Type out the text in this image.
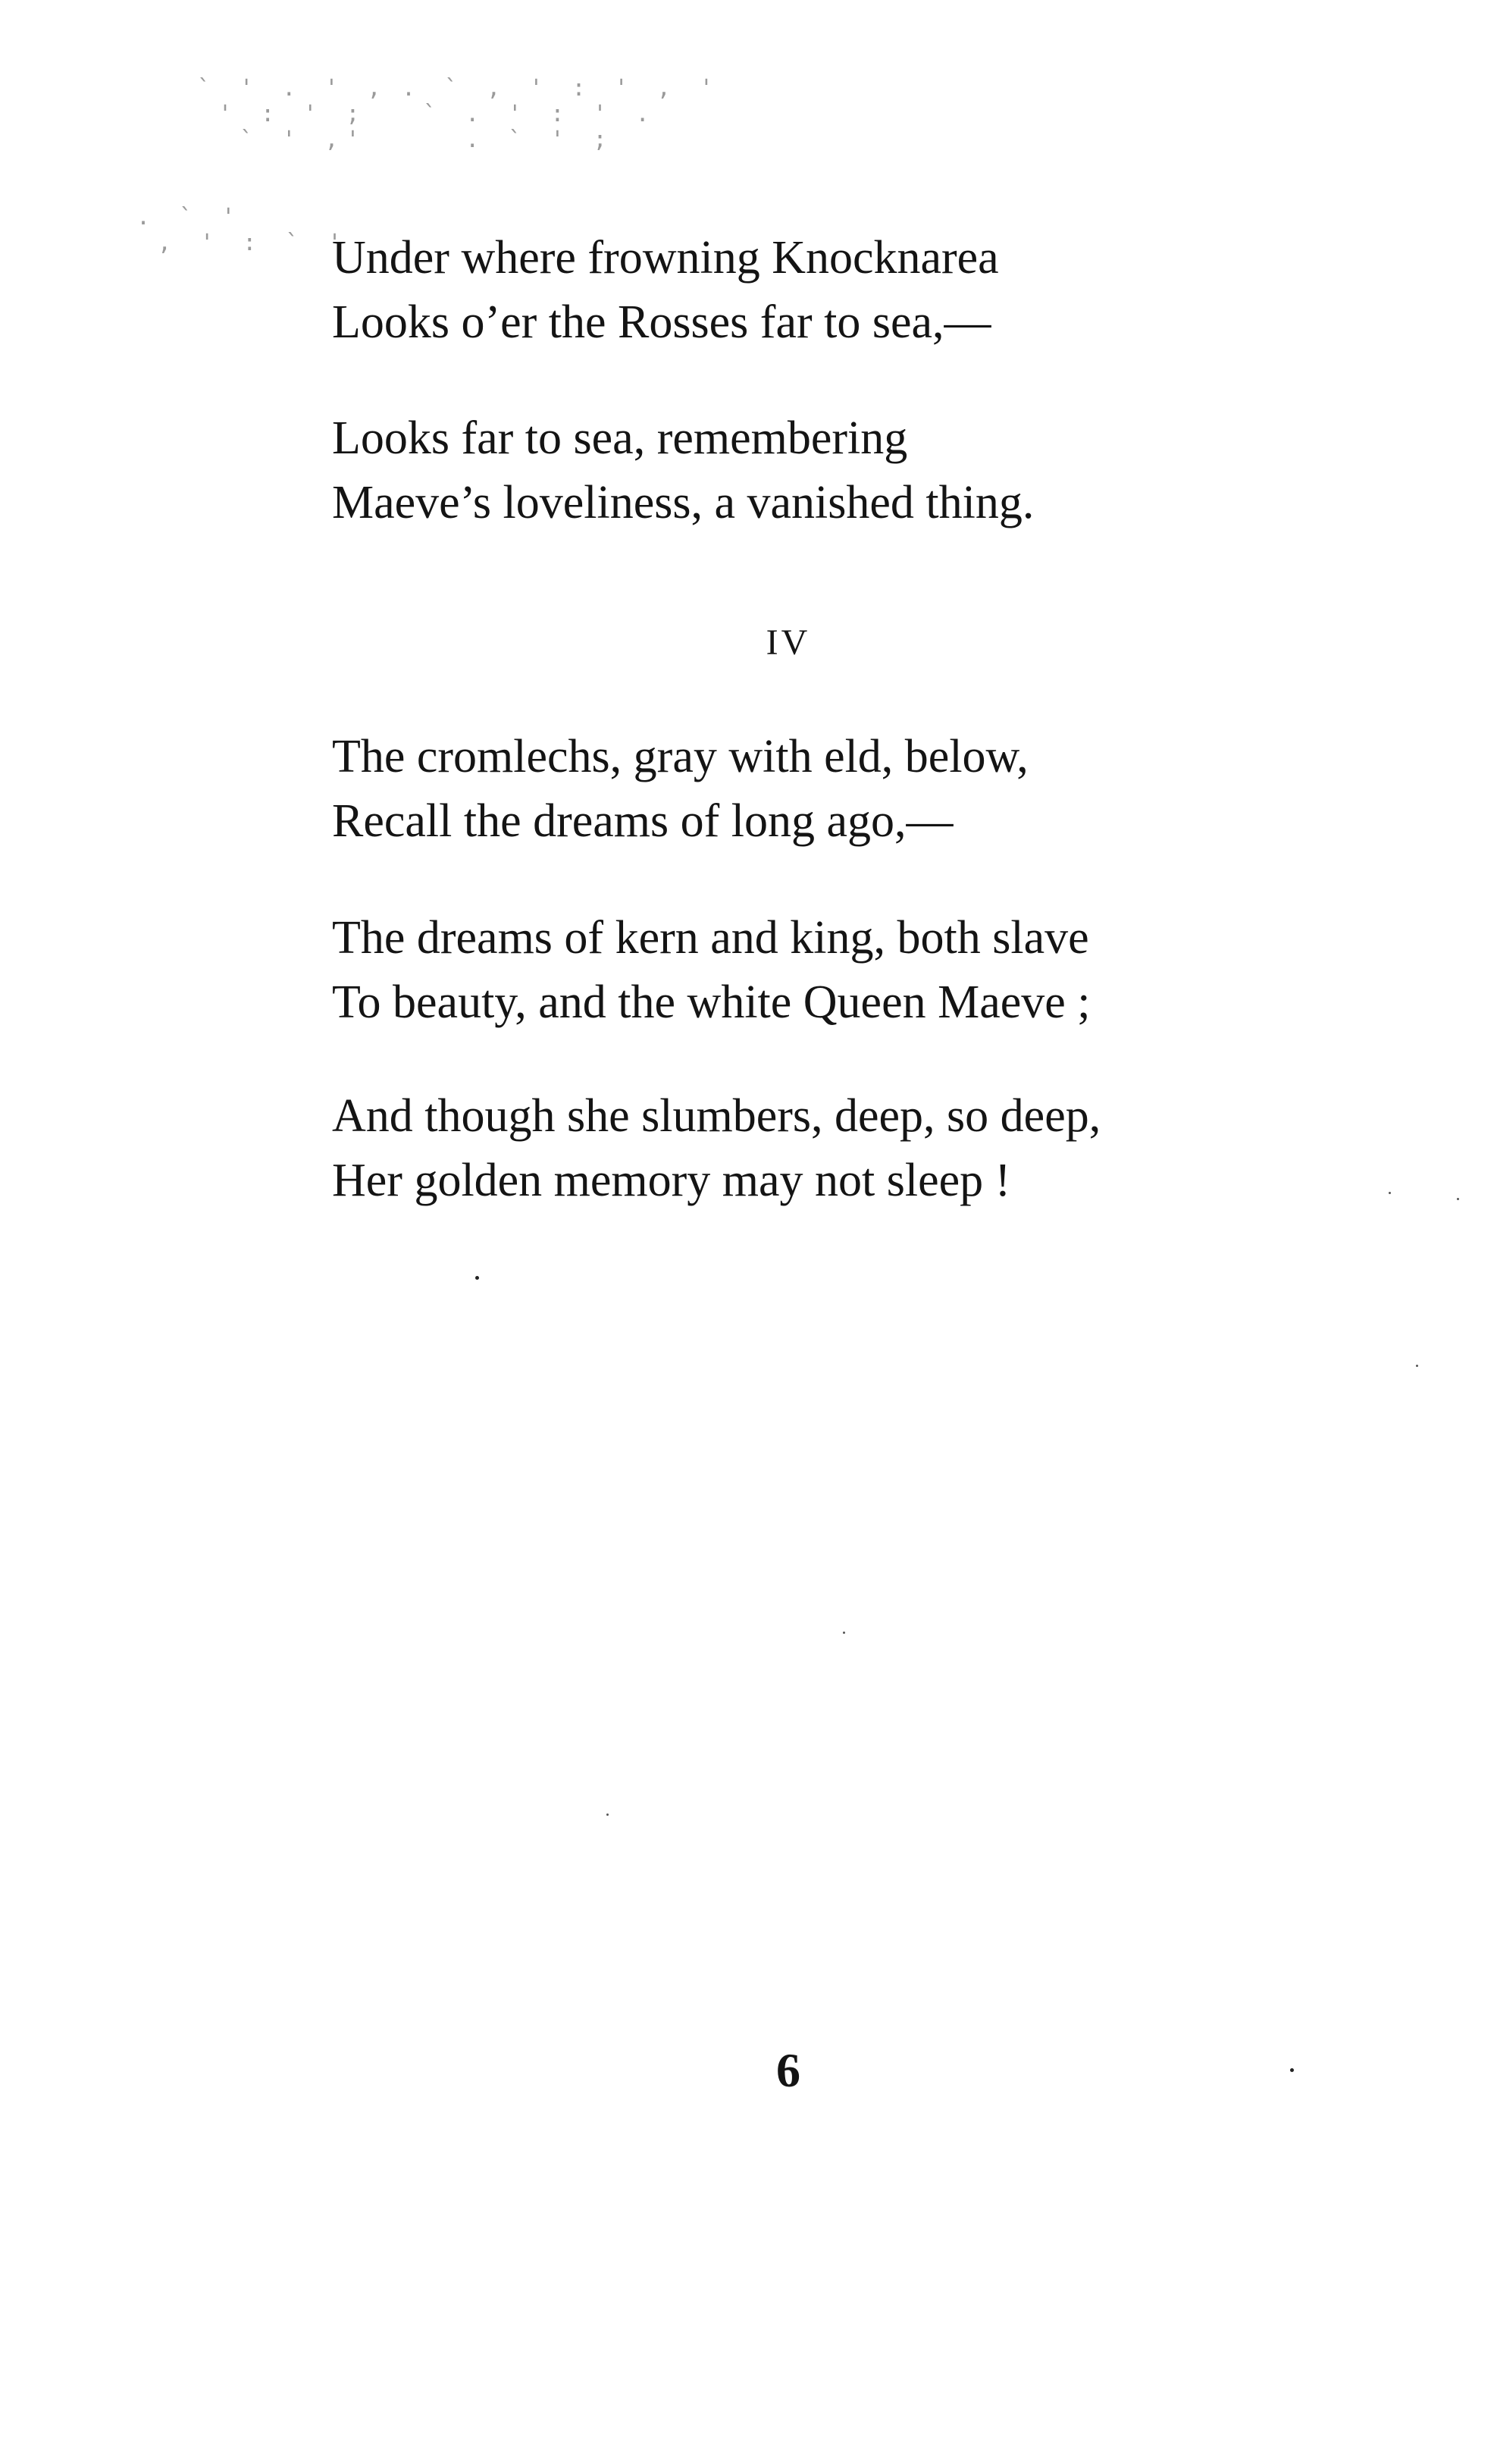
` ' . ' ,
' : ' ;
` ' ,'
. ` , ' : ' , '
` . ' : ' .
. ` ' ;
. ` '
, ' : ` '
Under where frowning Knocknarea
Looks o’er the Rosses far to sea,—
Looks far to sea, remembering
Maeve’s loveliness, a vanished thing.
IV
The cromlechs, gray with eld, below,
Recall the dreams of long ago,—
The dreams of kern and king, both slave
To beauty, and the white Queen Maeve ;
And though she slumbers, deep, so deep,
Her golden memory may not sleep !
6
